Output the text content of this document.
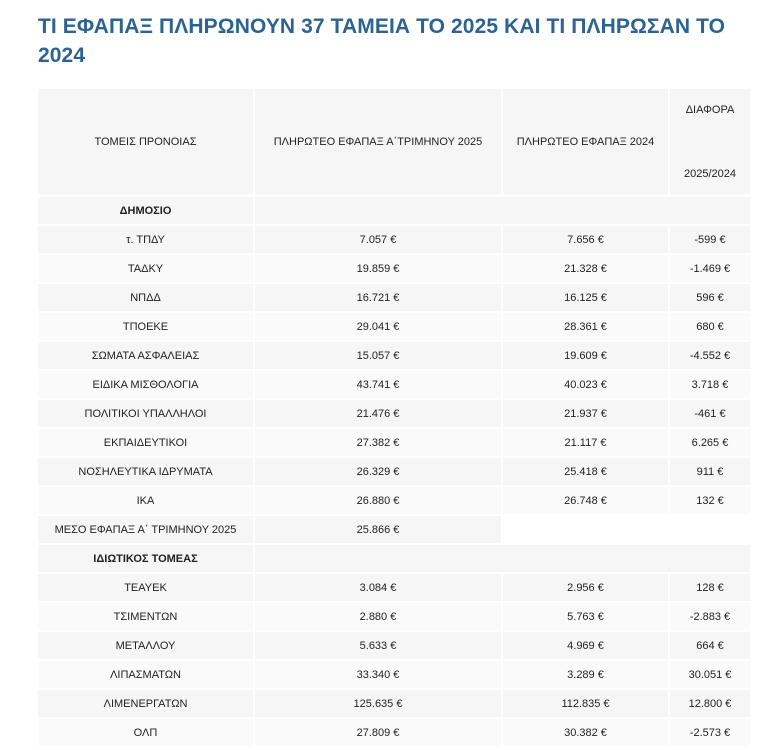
ΤΙ ΕΦΑΠΑΞ ΠΛΗΡΩΝΟΥΝ 37 ΤΑΜΕΙΑ ΤΟ 2025 ΚΑΙ ΤΙ ΠΛΗΡΩΣΑΝ ΤΟ 2024
ΤΟΜΕΙΣ ΠΡΟΝΟΙΑΣ	ΠΛΗΡΩΤΕΟ ΕΦΑΠΑΞ Α΄ΤΡΙΜΗΝΟΥ 2025	ΠΛΗΡΩΤΕΟ ΕΦΑΠΑΞ 2024	ΔΙΑΦΟΡΑ
2025/2024

ΔΗΜΟΣΙΟ			
τ. ΤΠΔΥ	7.057 €	7.656 €	-599 €
ΤΑΔΚΥ	19.859 €	21.328 €	-1.469 €
ΝΠΔΔ	16.721 €	16.125 €	596 €
ΤΠΟΕΚΕ	29.041 €	28.361 €	680 €
ΣΩΜΑΤΑ ΑΣΦΑΛΕΙΑΣ	15.057 €	19.609 €	-4.552 €
ΕΙΔΙΚΑ ΜΙΣΘΟΛΟΓΙΑ	43.741 €	40.023 €	3.718 €
ΠΟΛΙΤΙΚΟΙ ΥΠΑΛΛΗΛΟΙ	21.476 €	21.937 €	-461 €
ΕΚΠΑΙΔΕΥΤΙΚΟΙ	27.382 €	21.117 €	6.265 €
ΝΟΣΗΛΕΥΤΙΚΑ ΙΔΡΥΜΑΤΑ	26.329 €	25.418 €	911 €
ΙΚΑ	26.880 €	26.748 €	132 €
ΜΕΣΟ ΕΦΑΠΑΞ Α΄ ΤΡΙΜΗΝΟΥ 2025	25.866 €		
ΙΔΙΩΤΙΚΟΣ ΤΟΜΕΑΣ			
ΤΕΑΥΕΚ	3.084 €	2.956 €	128 €
ΤΣΙΜΕΝΤΩΝ	2.880 €	5.763 €	-2.883 €
ΜΕΤΑΛΛΟΥ	5.633 €	4.969 €	664 €
ΛΙΠΑΣΜΑΤΩΝ	33.340 €	3.289 €	30.051 €
ΛΙΜΕΝΕΡΓΑΤΩΝ	125.635 €	112.835 €	12.800 €
ΟΛΠ	27.809 €	30.382 €	-2.573 €
